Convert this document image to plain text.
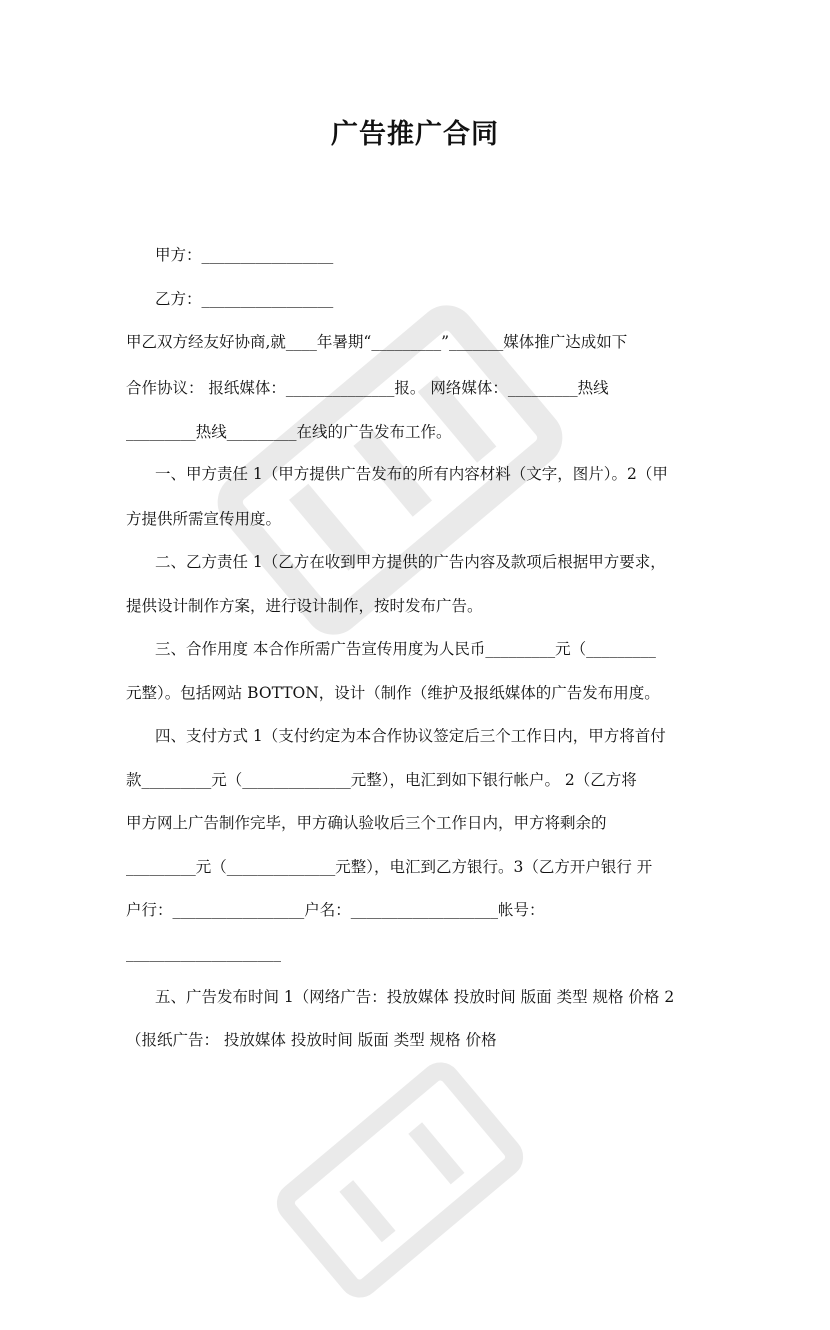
广告推广合同
甲方：_________________
乙方：_________________
甲乙双方经友好协商,就____年暑期“_________”_______媒体推广达成如下
合作协议： 报纸媒体：______________报。 网络媒体：_________热线
_________热线_________在线的广告发布工作。
一、甲方责任 1（甲方提供广告发布的所有内容材料（文字，图片）。2（甲
方提供所需宣传用度。
二、乙方责任 1（乙方在收到甲方提供的广告内容及款项后根据甲方要求，
提供设计制作方案，进行设计制作，按时发布广告。
三、合作用度 本合作所需广告宣传用度为人民币_________元（_________
元整）。包括网站 BOTTON，设计（制作（维护及报纸媒体的广告发布用度。
四、支付方式 1（支付约定为本合作协议签定后三个工作日内，甲方将首付
款_________元（______________元整），电汇到如下银行帐户。 2（乙方将
甲方网上广告制作完毕，甲方确认验收后三个工作日内，甲方将剩余的
_________元（______________元整），电汇到乙方银行。3（乙方开户银行 开
户行：_________________户名：___________________帐号：
____________________
五、广告发布时间 1（网络广告：投放媒体 投放时间 版面 类型 规格 价格 2
（报纸广告： 投放媒体 投放时间 版面 类型 规格 价格
